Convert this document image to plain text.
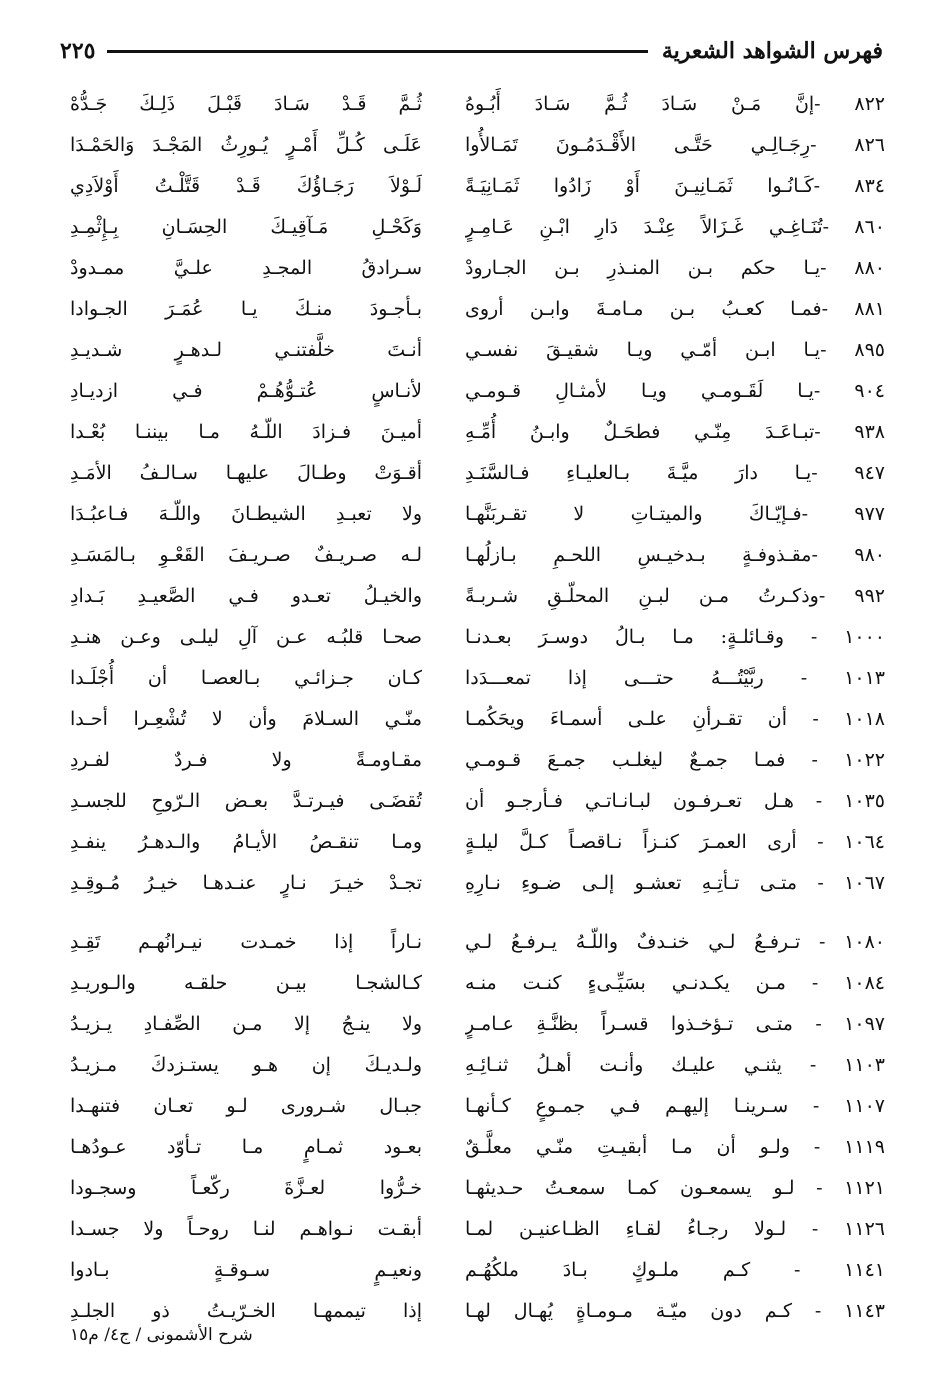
فهرس الشواهد الشعرية
٢٢٥
٨٢٢ -إنَّ مَـنْ سَـادَ ثُـمَّ سَـادَ أَبُـوهُ
٨٢٦ -رِجَـالِـي حَتَّـى الأَقْـدَمُـونَ تَمَـالأُوا
٨٣٤ -كَـانُـوا ثَمَـانِيـنَ أَوْ زَادُوا ثَمَـانِيَـةً
٨٦٠ -تُنَـاغِـي غَـزَالاً عِنْـدَ دَارِ ابْـنِ عَـامِـرٍ
٨٨٠ -يـا حكم بـن المنـذرِ بـن الجـارودْ
٨٨١ -فمـا كعـبُ بـن مـامـةَ وابـن أروى
٨٩٥ -يـا ابـن أمّـي ويـا شقيـقَ نفسـي
٩٠٤ -يـا لَقَـومـي ويـا لأمثـالِ قـومـي
٩٣٨ -تبـاعَـدَ مِنّـي فطحَـلٌ وابـنُ أُمِّـهِ
٩٤٧ -يـا دارَ ميَّـةَ بـالعليـاءِ فـالسَّنَـدِ
٩٧٧ -فـإيّـاكَ والميتـاتِ لا تقـربَنَّهـا
٩٨٠ -مقـذوفـةٍ بـدخيـسِ اللحـمِ بـازلُهـا
٩٩٢ -وذكـرتُ مـن لبـنِ المحلّـقِ شـربـةً
١٠٠٠ - وقـائلـةٍ: مـا بـالُ دوسـرَ بعـدنـا
١٠١٣ - ربَّيْتُـــهُ حتـــى إذا تمعـــدَدا
١٠١٨ - أن تقـرأنِ علـى أسمـاءَ ويحَكُمـا
١٠٢٢ - فمـا جمـعٌ ليغلـب جمـعَ قـومـي
١٠٣٥ - هـل تعـرفـون لبـانـاتـي فـأرجـو أن
١٠٦٤ - أرى العمـرَ كنـزاً نـاقصـاً كـلَّ ليلـةٍ
١٠٦٧ - متـى تـأتِـهِ تعشـو إلـى ضـوءِ نـارِهِ
١٠٨٠ - تـرفـعُ لـي خنـدفٌ واللّـهُ يـرفـعُ لـي
١٠٨٤ - مـن يكـدنـي بسَيِّـىءٍ كنـت منـه
١٠٩٧ - متـى تـؤخـذوا قسـراً بظنَّـةِ عـامـرٍ
١١٠٣ - يثنـي عليـك وأنـت أهـلُ ثنـائِـهِ
١١٠٧ - سـرينـا إليهـم فـي جمـوعٍ كـأنهـا
١١١٩ - ولـو أن مـا أبقيـتِ منّـي معلَّـقٌ
١١٢١ - لـو يسمعـون كمـا سمعـتُ حـديثهـا
١١٢٦ - لـولا رجـاءُ لقـاءِ الظـاعنيـن لمـا
١١٤١ - كـم ملـوكٍ بـادَ ملكُهُـم
١١٤٣ - كـم دون ميّـة مـومـاةٍ يُهـال لهـا
ثُـمَّ قَـدْ سَـادَ قَبْـلَ ذَلِـكَ جَـدُّهْ
عَلَـى كُـلِّ أَمْـرٍ يُـورِثُ المَجْـدَ وَالحَمْـدَا
لَـوْلاَ رَجَـاؤُكَ قَـدْ قَتَّلْـتُ أَوْلاَدِي
وَكَحْـلِ مَـآقِيـكَ الحِسَـانِ بِـإِثْمِـدِ
سـرادقُ المجـدِ علـيَّ ممـدودْ
بـأجـودَ منـكَ يـا عُمَـرَ الجـوادا
أنـتَ خلَّفتنـي لـدهـرٍ شـديـدِ
لأنـاسٍ عُتـوُّهُـمْ فـي ازديـادِ
أميـنَ فـزادَ اللّـهُ مـا بيننـا بُعْـدا
أقـوَتْ وطـالَ عليهـا سـالـفُ الأمَـدِ
ولا تعبـدِ الشيطـانَ واللّـهَ فـاعبُـدَا
لـه صـريـفٌ صـريـفَ القَعْـوِ بـالمَسَـدِ
والخيـلُ تعـدو فـي الصَّعيـدِ بَـدادِ
صحـا قلبُـه عـن آلِ ليلـى وعـن هنـدِ
كـان جـزائـي بـالعصـا أن أُجْلَـدا
منّـي السـلامَ وأن لا تُشْعِـرا أحـدا
مقـاومـةً ولا فـردٌ لفـردِ
تُقضَـى فيـرتـدَّ بعـض الـرّوحِ للجسـدِ
ومـا تنقـصُ الأيـامُ والـدهـرُ ينفـدِ
تجـدْ خيـرَ نـارٍ عنـدهـا خيـرُ مُـوقِـدِ
نـاراً إذا خمـدت نيـرانُهـم تَقِـدِ
كـالشجـا بيـن حلقـه والـوريـدِ
ولا ينـجُ إلا مـن الصِّفـادِ يـزيـدُ
ولـديـكَ إن هـو يستـزدكَ مـزيـدُ
جبـال شـرورى لـو تعـان فتنهـدا
بعـود ثمـامٍ مـا تـأوّد عـودُهـا
خـرُّوا لعـزَّةَ ركّعـاً وسجـودا
أبقـت نـواهـم لنـا روحـاً ولا جسـدا
ونعيـمٍ سـوقـةٍ بـادوا
إذا تيممهـا الخـرّيـتُ ذو الجلـدِ
شرح الأشمونى / ج٤/ م١٥
